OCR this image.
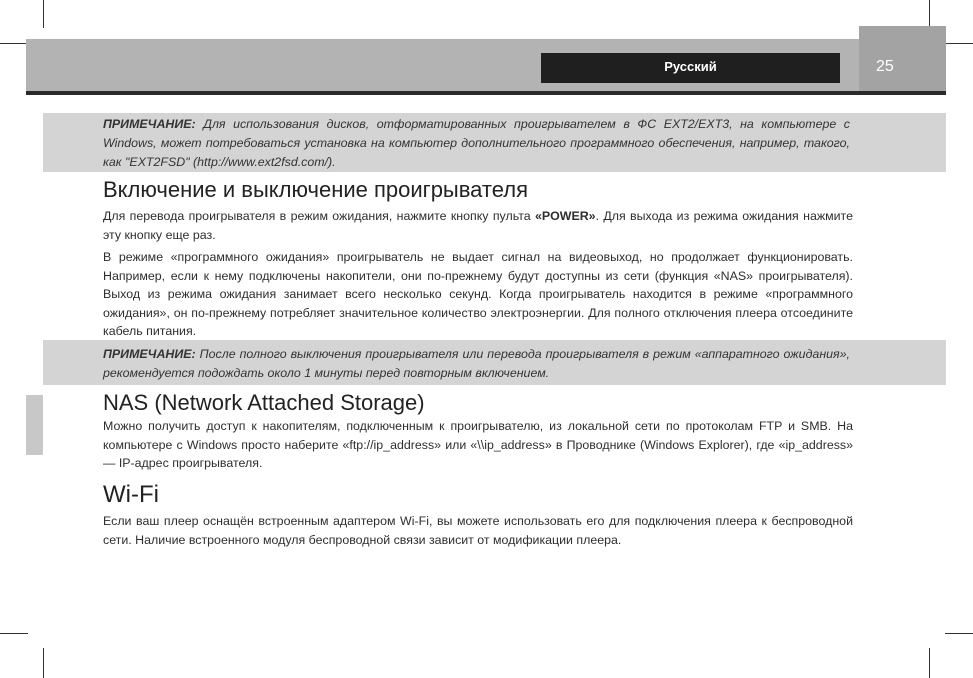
Русский	25
ПРИМЕЧАНИЕ: Для использования дисков, отформатированных проигрывателем в ФС EXT2/EXT3, на компьютере с Windows, может потребоваться установка на компьютер дополнительного программного обеспечения, например, такого, как "EXT2FSD" (http://www.ext2fsd.com/).
Включение и выключение проигрывателя

Для перевода проигрывателя в режим ожидания, нажмите кнопку пульта «POWER». Для выхода из режима ожидания нажмите эту кнопку еще раз.

В режиме «программного ожидания» проигрыватель не выдает сигнал на видеовыход, но продолжает функционировать. Например, если к нему подключены накопители, они по-прежнему будут доступны из сети (функция «NAS» проигрывателя). Выход из режима ожидания занимает всего несколько секунд. Когда проигрыватель находится в режиме «программного ожидания», он по-прежнему потребляет значительное количество электроэнергии. Для полного отключения плеера отсоедините кабель питания.

ПРИМЕЧАНИЕ: После полного выключения проигрывателя или перевода проигрывателя в режим «аппаратного ожидания», рекомендуется подождать около 1 минуты перед повторным включением.
NAS (Network Attached Storage)

Можно получить доступ к накопителям, подключенным к проигрывателю, из локальной сети по протоколам FTP и SMB. На компьютере с Windows просто наберите «ftp://ip_address» или «\\ip_address» в Проводнике (Windows Explorer), где «ip_address» — IP-адрес проигрывателя.

Wi-Fi

Если ваш плеер оснащён встроенным адаптером Wi-Fi, вы можете использовать его для подключения плеера к беспроводной сети. Наличие встроенного модуля беспроводной связи зависит от модификации плеера.
